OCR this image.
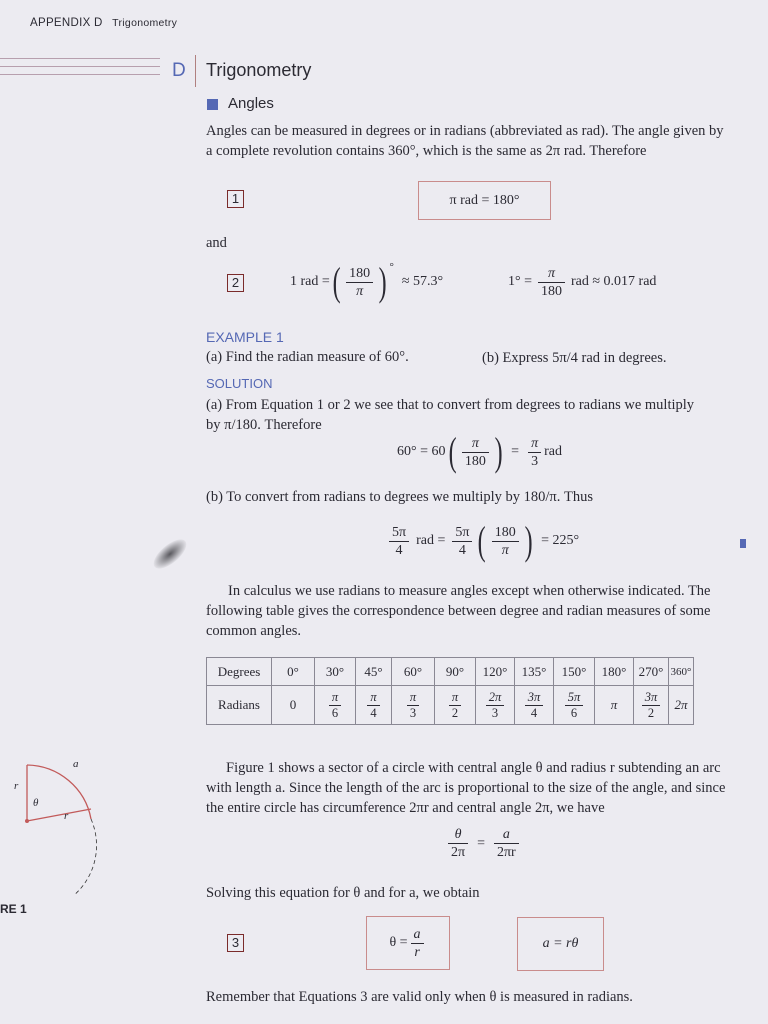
APPENDIX D Trigonometry
D Trigonometry
Angles
Angles can be measured in degrees or in radians (abbreviated as rad). The angle given by
a complete revolution contains 360°, which is the same as 2π rad. Therefore
1	π rad = 180°
and
2	1 rad = ( $\frac{180}{\pi}$ ) °
≈ 57.3°	$1^\circ = \frac{\pi}{180}$ rad ≈ 0.017 rad
EXAMPLE 1
(a) Find the radian measure of 60°.	(b) Express 5π/4 rad in degrees.
SOLUTION
(a) From Equation 1 or 2 we see that to convert from degrees to radians we multiply
by π/180. Therefore
60° = 60 ( $\frac{\pi}{180}$ ) = $\frac{\pi}{3}$ rad
(b) To convert from radians to degrees we multiply by 180/π. Thus
$\frac{5\pi}{4}$ rad = $\frac{5\pi}{4}$ ( $\frac{180}{\pi}$ ) = 225°
In calculus we use radians to measure angles except when otherwise indicated. The
following table gives the correspondence between degree and radian measures of some
common angles.
Degrees	0°	30°	45°	60°	90°	120°	135°	150°	180°	270°	360°
Radians	0	$\frac{\pi}{6}$	$\frac{\pi}{4}$	$\frac{\pi}{3}$	$\frac{\pi}{2}$	$\frac{2\pi}{3}$	$\frac{3\pi}{4}$	$\frac{5\pi}{6}$	π	$\frac{3\pi}{2}$	2π
a
r
r
θ
RE 1
Figure 1 shows a sector of a circle with central angle θ and radius r subtending an arc
with length a. Since the length of the arc is proportional to the size of the angle, and since
the entire circle has circumference 2πr and central angle 2π, we have
$\frac{\theta}{2\pi} = \frac{a}{2\pi r}$
Solving this equation for θ and for a, we obtain
3	$\theta = \frac{a}{r}$	a = rθ
Remember that Equations 3 are valid only when θ is measured in radians.
